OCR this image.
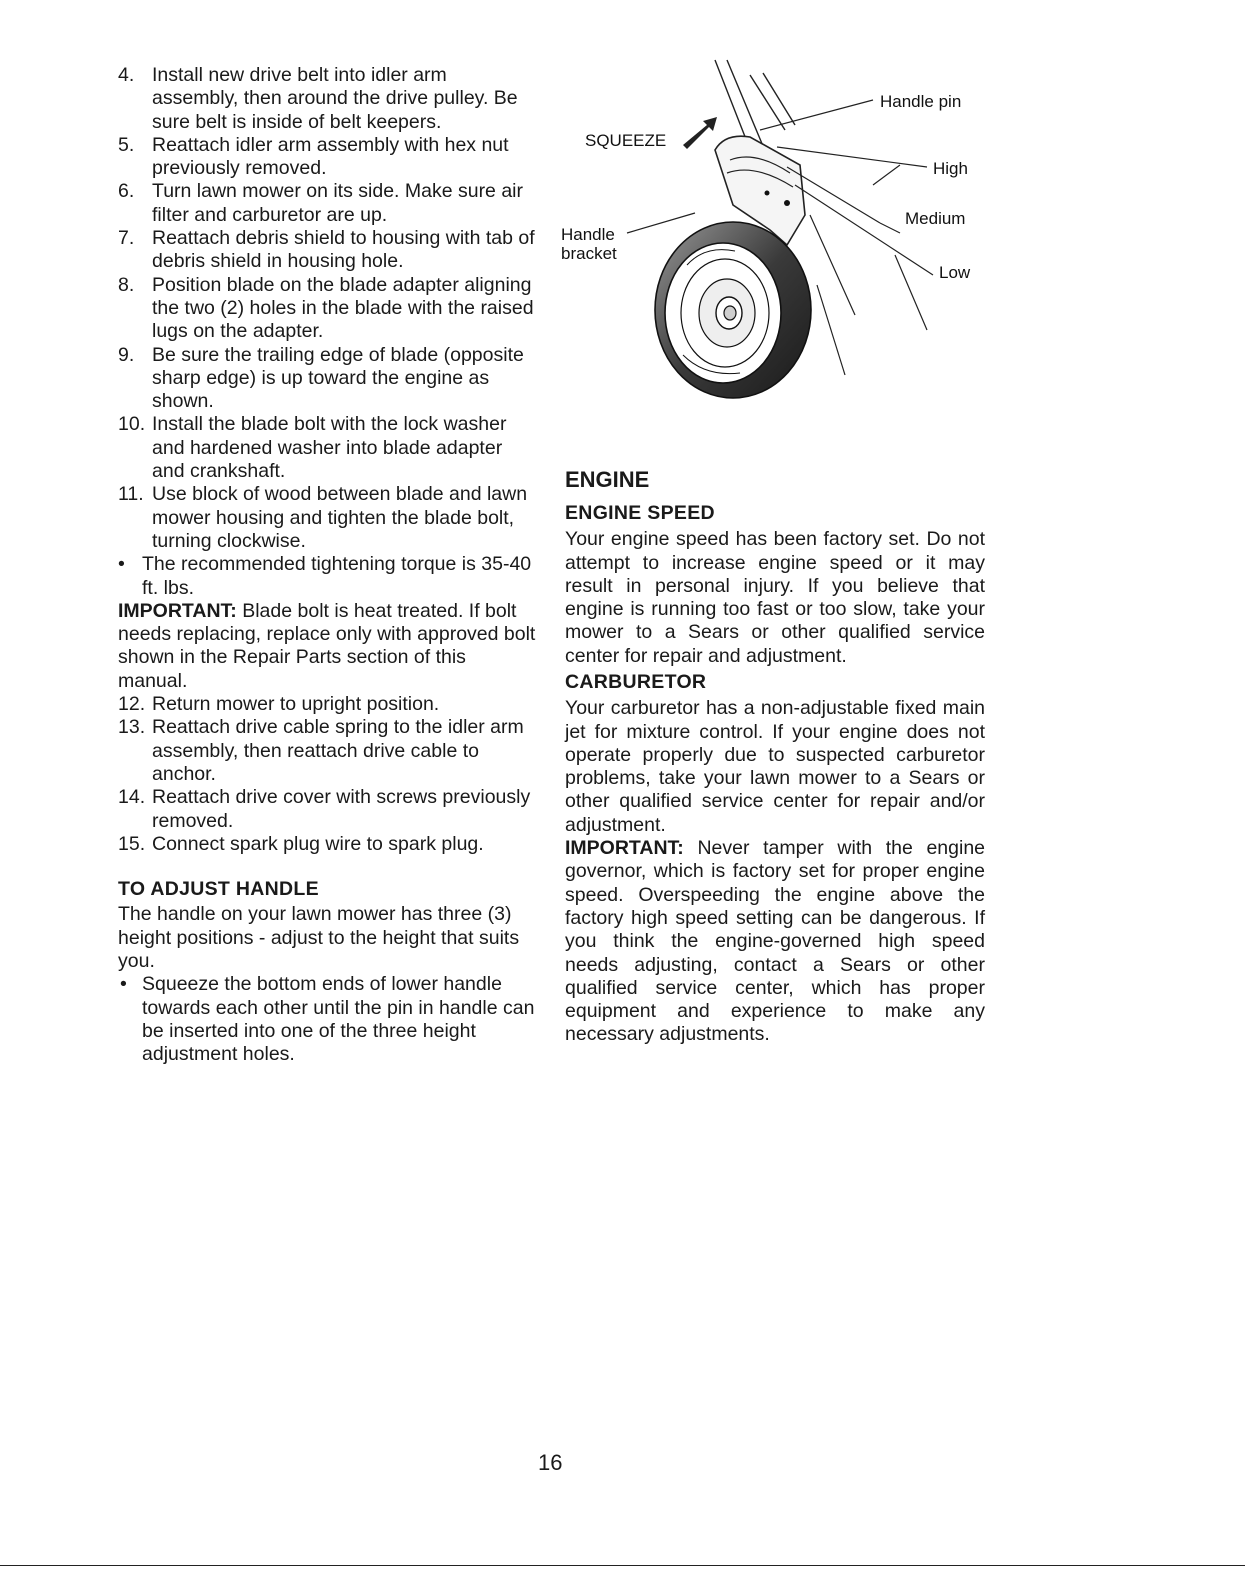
4. Install new drive belt into idler arm assembly, then around the drive pulley. Be sure belt is inside of belt keepers.
5. Reattach idler arm assembly with hex nut previously removed.
6. Turn lawn mower on its side. Make sure air filter and carburetor are up.
7. Reattach debris shield to housing with tab of debris shield in housing hole.
8. Position blade on the blade adapter aligning the two (2) holes in the blade with the raised lugs on the adapter.
9. Be sure the trailing edge of blade (opposite sharp edge) is up toward the engine as shown.
10. Install the blade bolt with the lock washer and hardened washer into blade adapter and crankshaft.
11. Use block of wood between blade and lawn mower housing and tighten the blade bolt, turning clockwise.
• The recommended tightening torque is 35-40 ft. lbs.

IMPORTANT: Blade bolt is heat treated. If bolt needs replacing, replace only with approved bolt shown in the Repair Parts section of this manual.

12. Return mower to upright position.
13. Reattach drive cable spring to the idler arm assembly, then reattach drive cable to anchor.
14. Reattach drive cover with screws previously removed.
15. Connect spark plug wire to spark plug.
TO ADJUST HANDLE

The handle on your lawn mower has three (3) height positions - adjust to the height that suits you.

• Squeeze the bottom ends of lower handle towards each other until the pin in handle can be inserted into one of the three height adjustment holes.
SQUEEZE
Handle pin
High
Medium
Low
Handle
bracket
ENGINE
ENGINE SPEED

Your engine speed has been factory set. Do not attempt to increase engine speed or it may result in personal injury. If you believe that engine is running too fast or too slow, take your mower to a Sears or other qualified service center for repair and adjustment.

CARBURETOR

Your carburetor has a non-adjustable fixed main jet for mixture control. If your engine does not operate properly due to suspected carburetor problems, take your lawn mower to a Sears or other qualified service center for repair and/or adjustment.

IMPORTANT: Never tamper with the engine governor, which is factory set for proper engine speed. Overspeeding the engine above the factory high speed setting can be dangerous. If you think the engine-governed high speed needs adjusting, contact a Sears or other qualified service center, which has proper equipment and experience to make any necessary adjustments.

16
